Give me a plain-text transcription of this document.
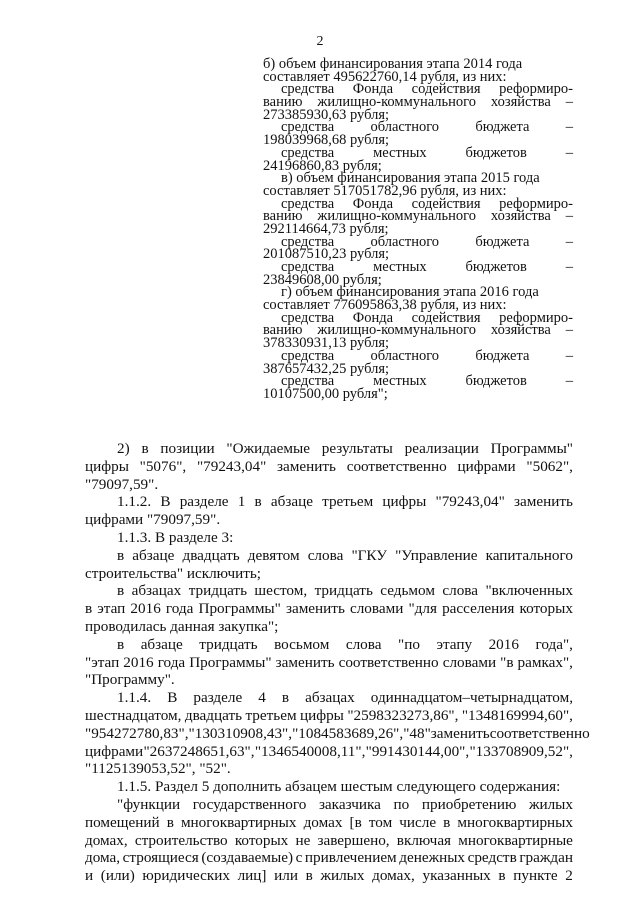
2
б) объем финансирования этапа 2014 года
составляет 495622760,14 рубля, из них:
средства Фонда содействия реформиро-
ванию жилищно-коммунального хозяйства –
273385930,63 рубля;
средства	областного	бюджета	–
198039968,68 рубля;
средства	местных	бюджетов	–
24196860,83 рубля;
в) объем финансирования этапа 2015 года
составляет 517051782,96 рубля, из них:
средства Фонда содействия реформиро-
ванию жилищно-коммунального хозяйства –
292114664,73 рубля;
средства	областного	бюджета	–
201087510,23 рубля;
средства	местных	бюджетов	–
23849608,00 рубля;
г) объем финансирования этапа 2016 года
составляет 776095863,38 рубля, из них:
средства Фонда содействия реформиро-
ванию жилищно-коммунального хозяйства –
378330931,13 рубля;
средства	областного	бюджета	–
387657432,25 рубля;
средства	местных	бюджетов	–
10107500,00 рубля";
2) в позиции "Ожидаемые результаты реализации Программы"
цифры "5076", "79243,04" заменить соответственно цифрами "5062",
"79097,59".
1.1.2. В разделе 1 в абзаце третьем цифры "79243,04" заменить
цифрами "79097,59".
1.1.3. В разделе 3:
в абзаце двадцать девятом слова "ГКУ "Управление капитального
строительства" исключить;
в абзацах тридцать шестом, тридцать седьмом слова "включенных
в этап 2016 года Программы" заменить словами "для расселения которых
проводилась данная закупка";
в абзаце тридцать восьмом слова "по этапу 2016 года",
"этап 2016 года Программы" заменить соответственно словами "в рамках",
"Программу".
1.1.4. В разделе 4 в абзацах одиннадцатом–четырнадцатом,
шестнадцатом, двадцать третьем цифры "2598323273,86", "1348169994,60",
"954272780,83", "130310908,43", "1084583689,26", "48" заменить соответственно
цифрами "2637248651,63", "1346540008,11", "991430144,00", "133708909,52",
"1125139053,52", "52".
1.1.5. Раздел 5 дополнить абзацем шестым следующего содержания:
"функции государственного заказчика по приобретению жилых
помещений в многоквартирных домах [в том числе в многоквартирных
домах, строительство которых не завершено, включая многоквартирные
дома, строящиеся (создаваемые) с привлечением денежных средств граждан
и (или) юридических лиц] или в жилых домах, указанных в пункте 2
